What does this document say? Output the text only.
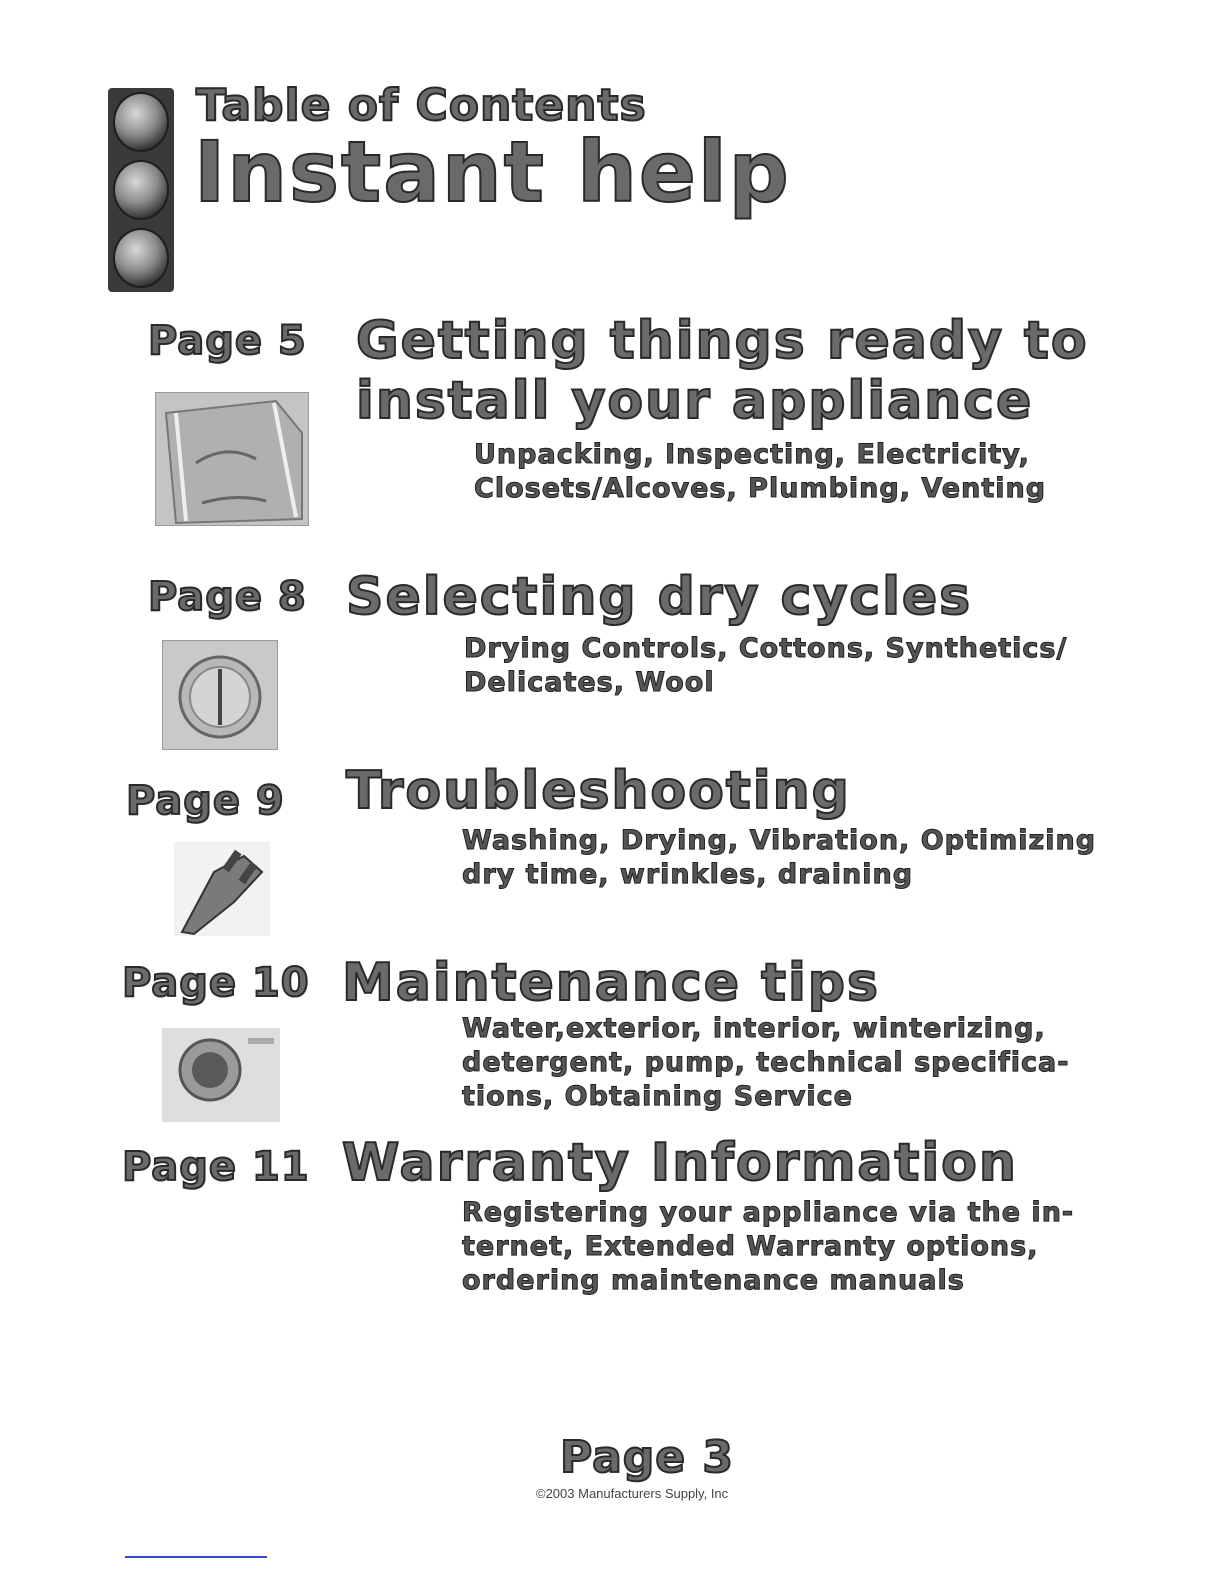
Table of Contents
Instant help
Page 5 Getting things ready to
install your appliance
Unpacking, Inspecting, Electricity,
Closets/Alcoves, Plumbing, Venting
Page 8 Selecting dry cycles
Drying Controls, Cottons, Synthetics/
Delicates, Wool
Page 9 Troubleshooting
Washing, Drying, Vibration, Optimizing
dry time, wrinkles, draining
Page 10 Maintenance tips
Water,exterior, interior, winterizing,
detergent, pump, technical specifica-
tions, Obtaining Service
Page 11 Warranty Information
Registering your appliance via the in-
ternet, Extended Warranty options,
ordering maintenance manuals
Page 3
©2003 Manufacturers Supply, Inc
